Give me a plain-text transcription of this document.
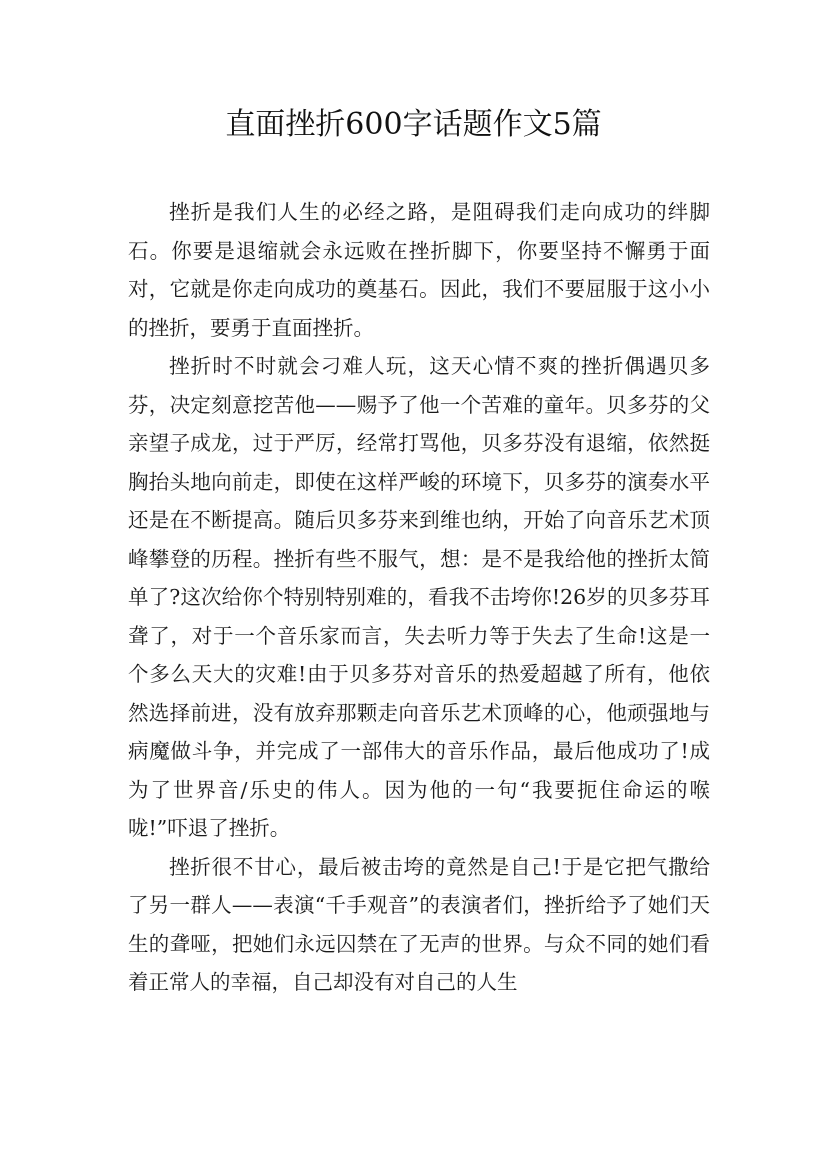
直面挫折600字话题作文5篇

挫折是我们人生的必经之路，是阻碍我们走向成功的绊脚石。你要是退缩就会永远败在挫折脚下，你要坚持不懈勇于面对，它就是你走向成功的奠基石。因此，我们不要屈服于这小小的挫折，要勇于直面挫折。

挫折时不时就会刁难人玩，这天心情不爽的挫折偶遇贝多芬，决定刻意挖苦他——赐予了他一个苦难的童年。贝多芬的父亲望子成龙，过于严厉，经常打骂他，贝多芬没有退缩，依然挺胸抬头地向前走，即使在这样严峻的环境下，贝多芬的演奏水平还是在不断提高。随后贝多芬来到维也纳，开始了向音乐艺术顶峰攀登的历程。挫折有些不服气，想：是不是我给他的挫折太简单了?这次给你个特别特别难的，看我不击垮你!26岁的贝多芬耳聋了，对于一个音乐家而言，失去听力等于失去了生命!这是一个多么天大的灾难!由于贝多芬对音乐的热爱超越了所有，他依然选择前进，没有放弃那颗走向音乐艺术顶峰的心，他顽强地与病魔做斗争，并完成了一部伟大的音乐作品，最后他成功了!成为了世界音/乐史的伟人。因为他的一句“我要扼住命运的喉咙!”吓退了挫折。

挫折很不甘心，最后被击垮的竟然是自己!于是它把气撒给了另一群人——表演“千手观音”的表演者们，挫折给予了她们天生的聋哑，把她们永远囚禁在了无声的世界。与众不同的她们看着正常人的幸福，自己却没有对自己的人生
